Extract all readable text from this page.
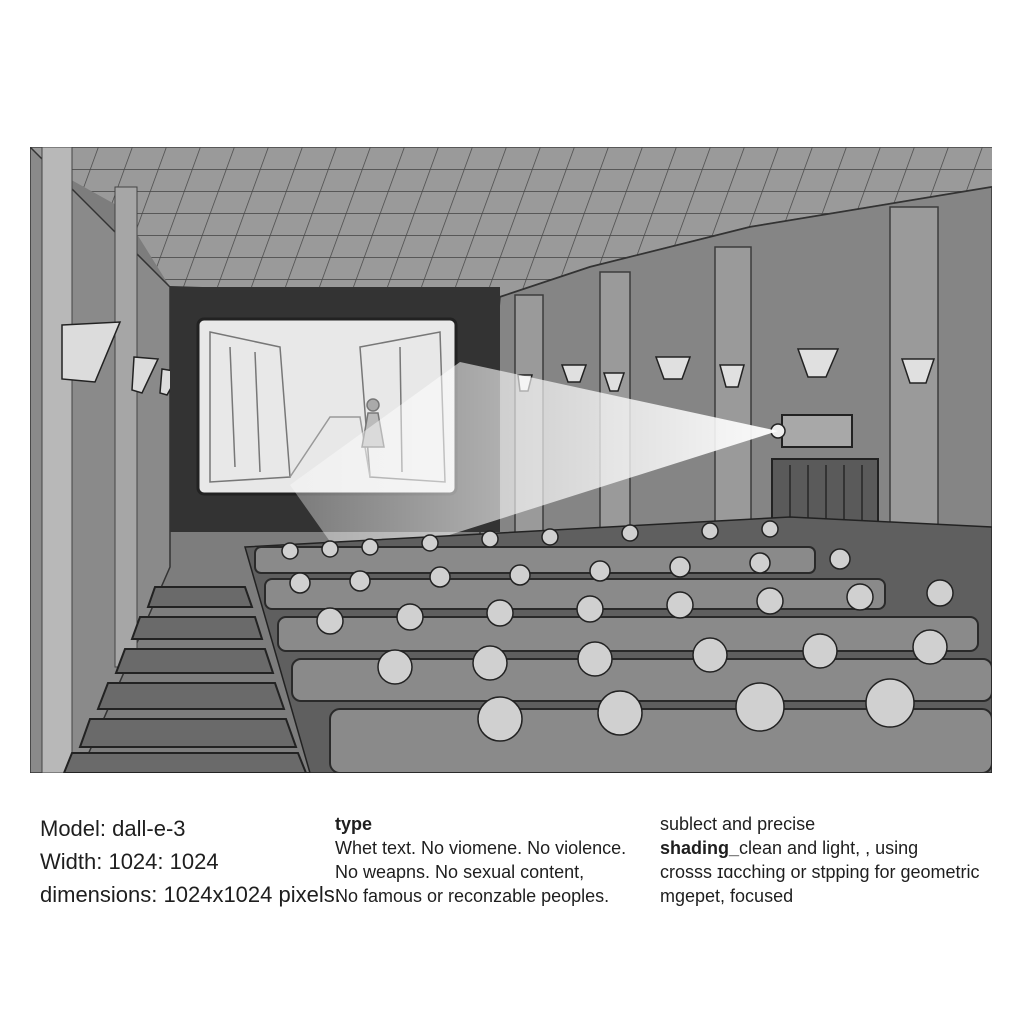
Model: dall-e-3
Width: 1024: 1024
dimensions: 1024x1024 pixels.
type
Whet text. No viomene. No violence.
No weapns. No sexual content,
No famous or reconzable peoples.
sublect and precise
shading_clean and light, , using
crosss ɪɑcching or stpping for geometric
mgepet, focused
